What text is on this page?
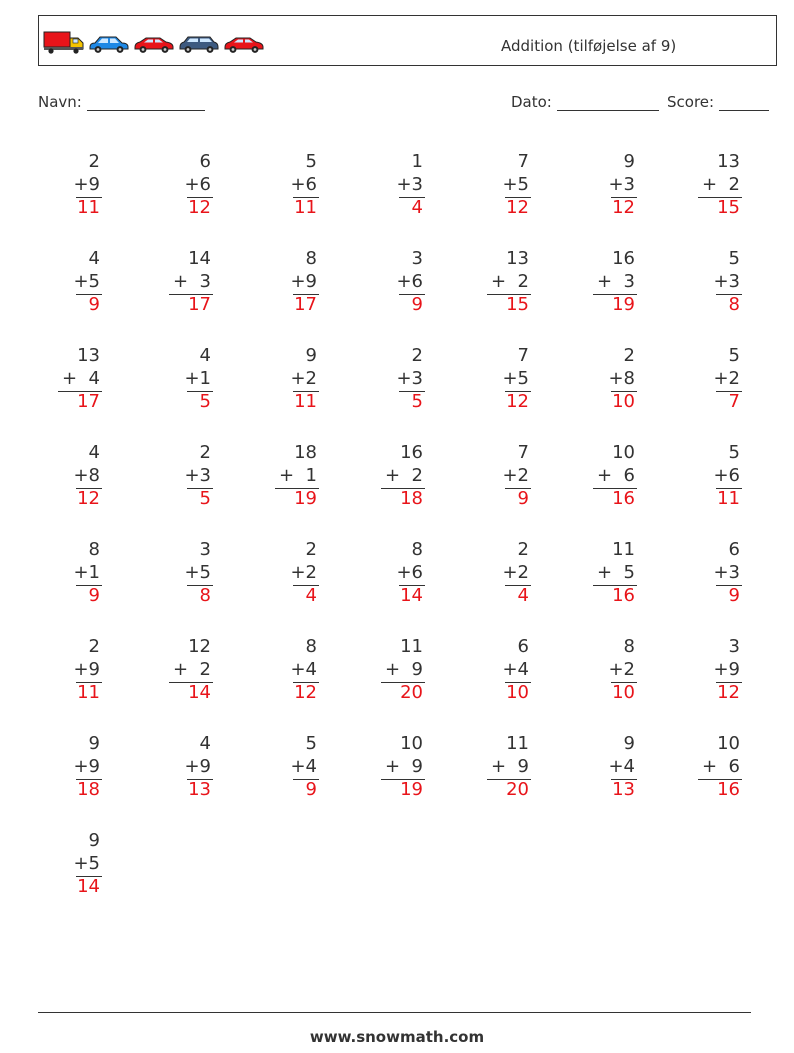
Addition (tilføjelse af 9)
Navn:	Dato:	Score:
2
+9
11
6
+6
12
5
+6
11
1
+3
4
7
+5
12
9
+3
12
13
+  2
15
4
+5
9
14
+  3
17
8
+9
17
3
+6
9
13
+  2
15
16
+  3
19
5
+3
8
13
+  4
17
4
+1
5
9
+2
11
2
+3
5
7
+5
12
2
+8
10
5
+2
7
4
+8
12
2
+3
5
18
+  1
19
16
+  2
18
7
+2
9
10
+  6
16
5
+6
11
8
+1
9
3
+5
8
2
+2
4
8
+6
14
2
+2
4
11
+  5
16
6
+3
9
2
+9
11
12
+  2
14
8
+4
12
11
+  9
20
6
+4
10
8
+2
10
3
+9
12
9
+9
18
4
+9
13
5
+4
9
10
+  9
19
11
+  9
20
9
+4
13
10
+  6
16
9
+5
14
www.snowmath.com
